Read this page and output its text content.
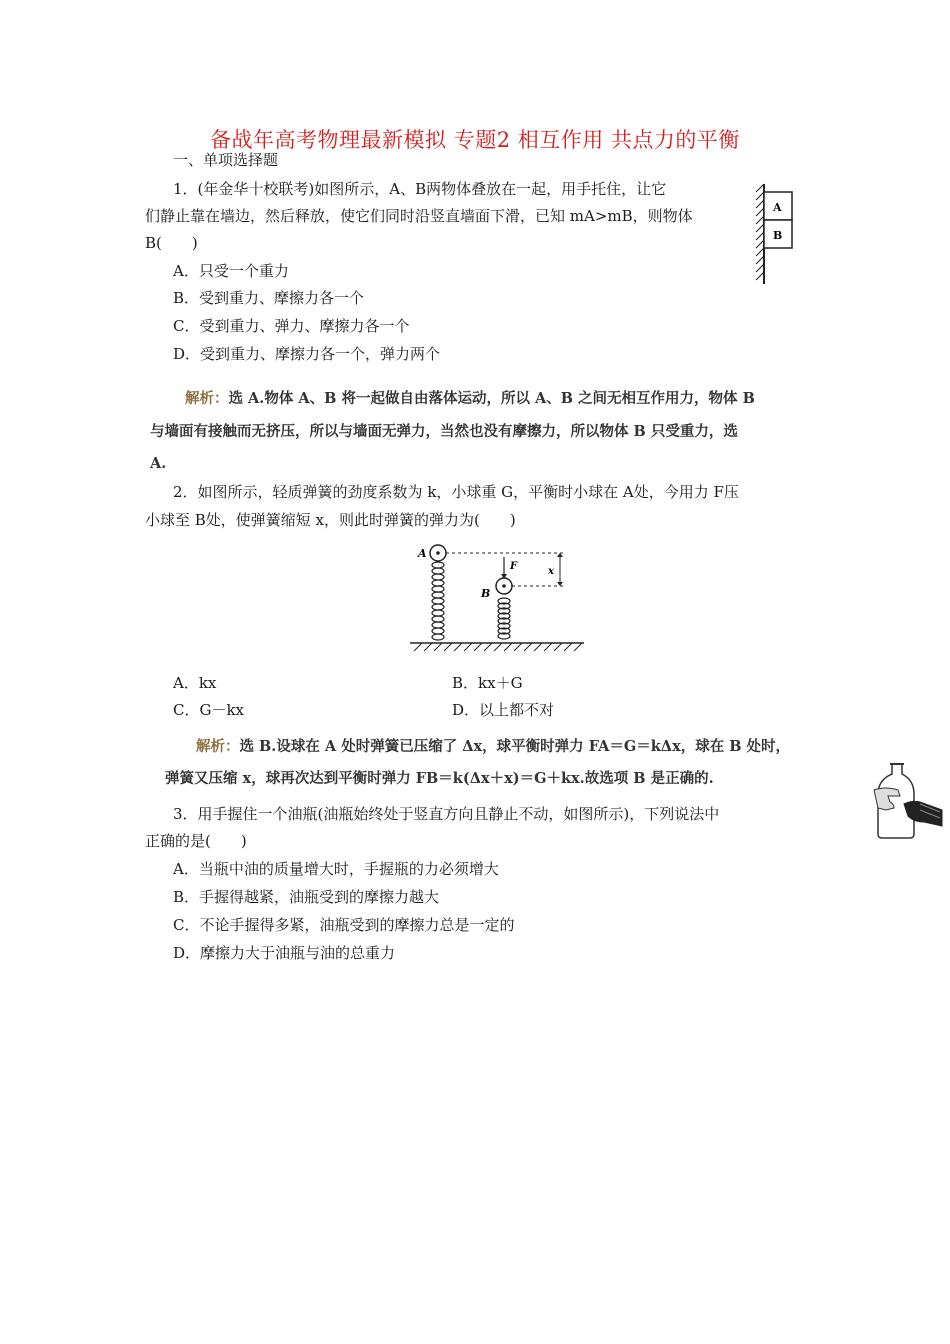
备战年高考物理最新模拟 专题2 相互作用 共点力的平衡
一、单项选择题
1．(年金华十校联考)如图所示，A、B两物体叠放在一起，用手托住，让它
们静止靠在墙边，然后释放，使它们同时沿竖直墙面下滑，已知 mA>mB，则物体
B(　　)
A．只受一个重力
B．受到重力、摩擦力各一个
C．受到重力、弹力、摩擦力各一个
D．受到重力、摩擦力各一个，弹力两个
A
B
解析：选 A.物体 A、B 将一起做自由落体运动，所以 A、B 之间无相互作用力，物体 B
与墙面有接触而无挤压，所以与墙面无弹力，当然也没有摩擦力，所以物体 B 只受重力，选
A.
2．如图所示，轻质弹簧的劲度系数为 k，小球重 G，平衡时小球在 A处，今用力 F压
小球至 B处，使弹簧缩短 x，则此时弹簧的弹力为(　　)
A
B
F	x
A．kx	B．kx＋G
C．G－kx	D．以上都不对
解析：选 B.设球在 A 处时弹簧已压缩了 Δx，球平衡时弹力 FA＝G＝kΔx，球在 B 处时，
弹簧又压缩 x，球再次达到平衡时弹力 FB＝k(Δx＋x)＝G＋kx.故选项 B 是正确的.
3．用手握住一个油瓶(油瓶始终处于竖直方向且静止不动，如图所示)，下列说法中
正确的是(　　)
A．当瓶中油的质量增大时，手握瓶的力必须增大
B．手握得越紧，油瓶受到的摩擦力越大
C．不论手握得多紧，油瓶受到的摩擦力总是一定的
D．摩擦力大于油瓶与油的总重力
